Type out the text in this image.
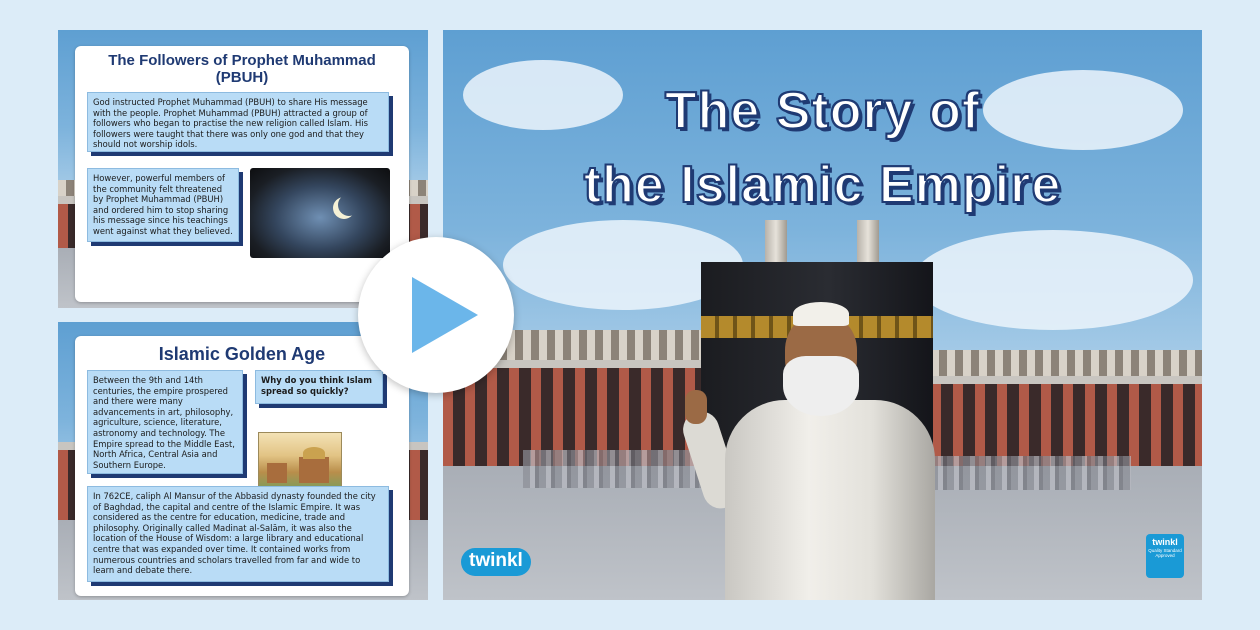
The Followers of Prophet Muhammad (PBUH)
God instructed Prophet Muhammad (PBUH) to share His message with the people. Prophet Muhammad (PBUH) attracted a group of followers who began to practise the new religion called Islam. His followers were taught that there was only one god and that they should not worship idols.
However, powerful members of the community felt threatened by Prophet Muhammad (PBUH) and ordered him to stop sharing his message since his teachings went against what they believed.
Islamic Golden Age
Between the 9th and 14th centuries, the empire prospered and there were many advancements in art, philosophy, agriculture, science, literature, astronomy and technology. The Empire spread to the Middle East, North Africa, Central Asia and Southern Europe.
Why do you think Islam spread so quickly?
In 762CE, caliph Al Mansur of the Abbasid dynasty founded the city of Baghdad, the capital and centre of the Islamic Empire. It was considered as the centre for education, medicine, trade and philosophy. Originally called Madinat al-Salām, it was also the location of the House of Wisdom: a large library and educational centre that was expanded over time. It contained works from numerous countries and scholars travelled from far and wide to learn and debate there.
The Story of
the Islamic Empire
twinkl
twinkl
Quality Standard
Approved
